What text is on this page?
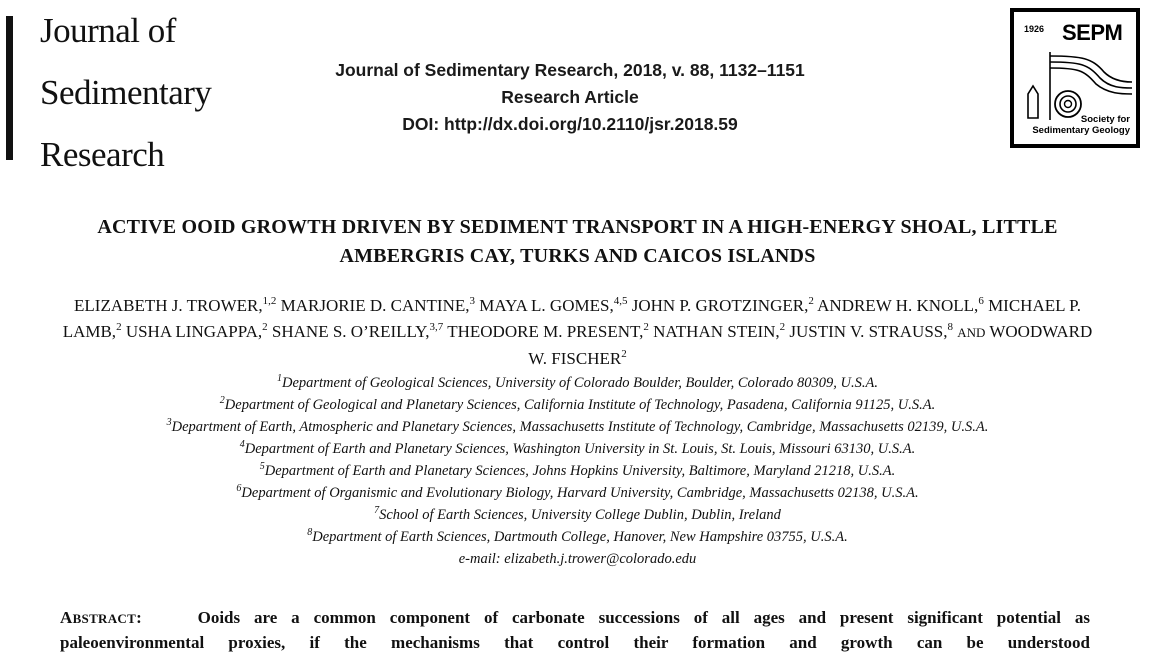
Journal of
Sedimentary
Research
Journal of Sedimentary Research, 2018, v. 88, 1132–1151
Research Article
DOI: http://dx.doi.org/10.2110/jsr.2018.59
1926 SEPM
Society for
Sedimentary Geology
ACTIVE OOID GROWTH DRIVEN BY SEDIMENT TRANSPORT IN A HIGH-ENERGY SHOAL, LITTLE
AMBERGRIS CAY, TURKS AND CAICOS ISLANDS
ELIZABETH J. TROWER,$^{1,2}$ MARJORIE D. CANTINE,$^3$ MAYA L. GOMES,$^{4,5}$ JOHN P. GROTZINGER,$^2$ ANDREW H. KNOLL,$^6$ MICHAEL P.
LAMB,$^2$ USHA LINGAPPA,$^2$ SHANE S. O’REILLY,$^{3,7}$ THEODORE M. PRESENT,$^2$ NATHAN STEIN,$^2$ JUSTIN V. STRAUSS,$^8$ AND WOODWARD
W. FISCHER$^2$
$^1$Department of Geological Sciences, University of Colorado Boulder, Boulder, Colorado 80309, U.S.A.
$^2$Department of Geological and Planetary Sciences, California Institute of Technology, Pasadena, California 91125, U.S.A.
$^3$Department of Earth, Atmospheric and Planetary Sciences, Massachusetts Institute of Technology, Cambridge, Massachusetts 02139, U.S.A.
$^4$Department of Earth and Planetary Sciences, Washington University in St. Louis, St. Louis, Missouri 63130, U.S.A.
$^5$Department of Earth and Planetary Sciences, Johns Hopkins University, Baltimore, Maryland 21218, U.S.A.
$^6$Department of Organismic and Evolutionary Biology, Harvard University, Cambridge, Massachusetts 02138, U.S.A.
$^7$School of Earth Sciences, University College Dublin, Dublin, Ireland
$^8$Department of Earth Sciences, Dartmouth College, Hanover, New Hampshire 03755, U.S.A.
e-mail: elizabeth.j.trower@colorado.edu
ABSTRACT:	Ooids are a common component of carbonate successions of all ages and present significant potential as
paleoenvironmental proxies, if the mechanisms that control their formation and growth can be understood
